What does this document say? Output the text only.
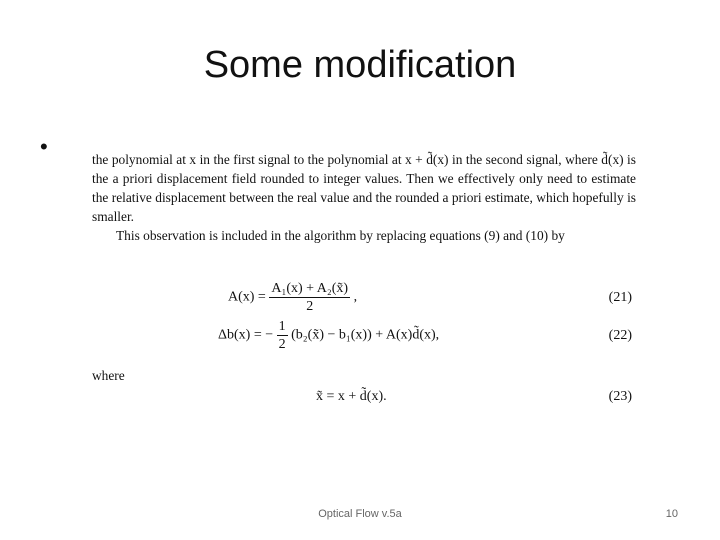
Some modification
•
the polynomial at x in the first signal to the polynomial at x + d̃(x) in the second signal, where d̃(x) is the a priori displacement field rounded to integer values. Then we effectively only need to estimate the relative displacement between the real value and the rounded a priori estimate, which hopefully is smaller.
This observation is included in the algorithm by replacing equations (9) and (10) by
$A(x) = \frac{\text{A₁(x) + A₂(x̃)}}{2}$ ,	(21)
Δb(x) = − $\frac{1}{2}$ (b₂(x̃) − b₁(x)) + A(x)d̃(x),	(22)
where
x̃ = x + d̃(x).	(23)
Optical Flow v.5a	10
